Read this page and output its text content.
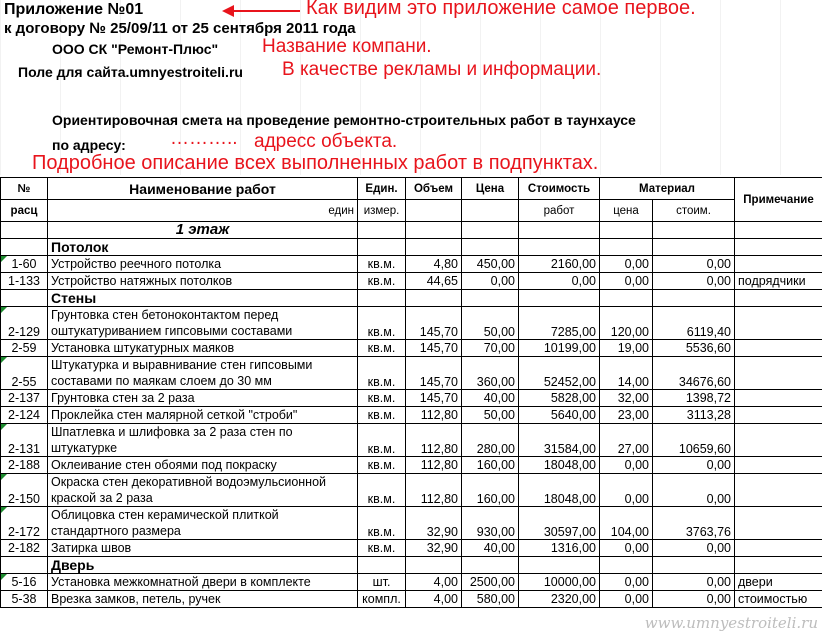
Приложение №01	Как видим это приложение самое первое.
к договору № 25/09/11 от 25 сентября 2011 года
ООО СК "Ремонт-Плюс" Название компани.
Поле для сайта.umnyestroitelі.ru В качестве рекламы и информации.
Ориентировочная смета на проведение ремонтно-строительных работ в таунхаусе
по адресу: ……….. адресс объекта.
Подробное описание всех выполненных работ в подпунктах.
№	Наименование работ	Един.	Объем	Цена	Стоимость	Материал		Примечание
расц	един	измер.			работ	цена	стоим.	
	1 этаж							
	Потолок							
1-60	Устройство реечного потолка	кв.м.	4,80	450,00	2160,00	0,00	0,00	
1-133	Устройство натяжных потолков	кв.м.	44,65	0,00	0,00	0,00	0,00	подрядчики
	Стены							
2-129	Грунтовка стен бетоноконтактом перед оштукатуриванием гипсовыми составами	кв.м.	145,70	50,00	7285,00	120,00	6119,40	
2-59	Установка штукатурных маяков	кв.м.	145,70	70,00	10199,00	19,00	5536,60	
2-55	Штукатурка и выравнивание стен гипсовыми составами по маякам слоем до 30 мм	кв.м.	145,70	360,00	52452,00	14,00	34676,60	
2-137	Грунтовка стен за 2 раза	кв.м.	145,70	40,00	5828,00	32,00	1398,72	
2-124	Проклейка стен малярной сеткой "строби"	кв.м.	112,80	50,00	5640,00	23,00	3113,28	
2-131	Шпатлевка и шлифовка за 2 раза стен по штукатурке	кв.м.	112,80	280,00	31584,00	27,00	10659,60	
2-188	Оклеивание стен обоями под покраску	кв.м.	112,80	160,00	18048,00	0,00	0,00	
2-150	Окраска стен декоративной водоэмульсионной краской за 2 раза	кв.м.	112,80	160,00	18048,00	0,00	0,00	
2-172	Облицовка стен керамической плиткой стандартного размера	кв.м.	32,90	930,00	30597,00	104,00	3763,76	
2-182	Затирка швов	кв.м.	32,90	40,00	1316,00	0,00	0,00	
	Дверь							
5-16	Установка межкомнатной двери в комплекте	шт.	4,00	2500,00	10000,00	0,00	0,00	двери
5-38	Врезка замков, петель, ручек	компл.	4,00	580,00	2320,00	0,00	0,00	стоимостью
www.umnyestroiteli.ru
